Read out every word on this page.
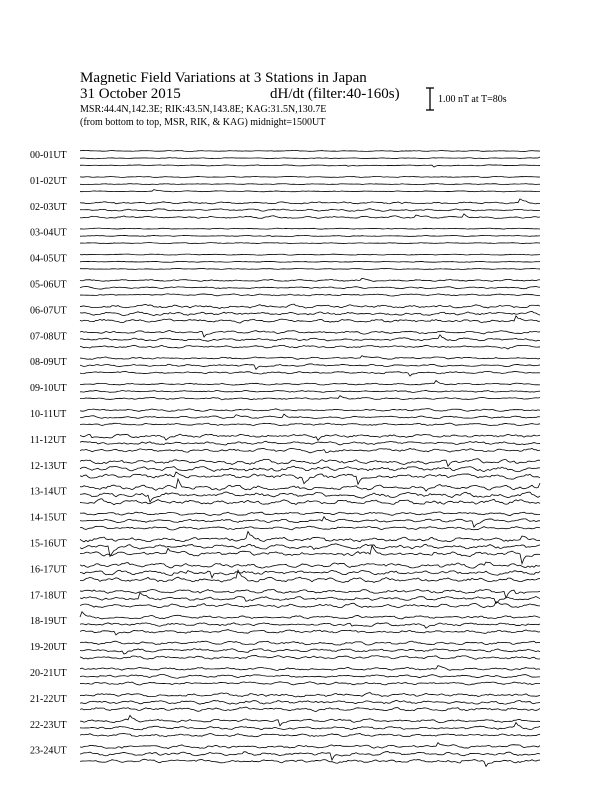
Magnetic Field Variations at 3 Stations in Japan
31 October 2015	dH/dt (filter:40-160s)
MSR:44.4N,142.3E; RIK:43.5N,143.8E; KAG:31.5N,130.7E
(from bottom to top, MSR, RIK, & KAG) midnight=1500UT
1.00 nT at T=80s
00-01UT
01-02UT
02-03UT
03-04UT
04-05UT
05-06UT
06-07UT
07-08UT
08-09UT
09-10UT
10-11UT
11-12UT
12-13UT
13-14UT
14-15UT
15-16UT
16-17UT
17-18UT
18-19UT
19-20UT
20-21UT
21-22UT
22-23UT
23-24UT
